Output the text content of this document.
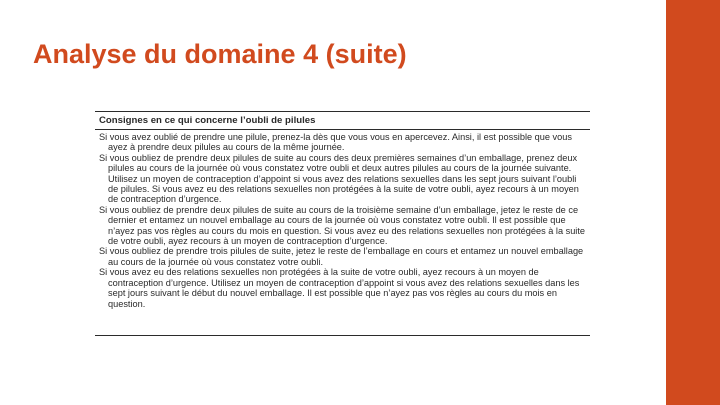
Analyse du domaine 4 (suite)
Consignes en ce qui concerne l’oubli de pilules

Si vous avez oublié de prendre une pilule, prenez-la dès que vous vous en apercevez. Ainsi, il est possible que vous ayez à prendre deux pilules au cours de la même journée.

Si vous oubliez de prendre deux pilules de suite au cours des deux premières semaines d’un emballage, prenez deux pilules au cours de la journée où vous constatez votre oubli et deux autres pilules au cours de la journée suivante. Utilisez un moyen de contraception d’appoint si vous avez des relations sexuelles dans les sept jours suivant l’oubli de pilules. Si vous avez eu des relations sexuelles non protégées à la suite de votre oubli, ayez recours à un moyen de contraception d’urgence.

Si vous oubliez de prendre deux pilules de suite au cours de la troisième semaine d’un emballage, jetez le reste de ce dernier et entamez un nouvel emballage au cours de la journée où vous constatez votre oubli. Il est possible que n’ayez pas vos règles au cours du mois en question. Si vous avez eu des relations sexuelles non protégées à la suite de votre oubli, ayez recours à un moyen de contraception d’urgence.

Si vous oubliez de prendre trois pilules de suite, jetez le reste de l’emballage en cours et entamez un nouvel emballage au cours de la journée où vous constatez votre oubli.

Si vous avez eu des relations sexuelles non protégées à la suite de votre oubli, ayez recours à un moyen de contraception d’urgence. Utilisez un moyen de contraception d’appoint si vous avez des relations sexuelles dans les sept jours suivant le début du nouvel emballage. Il est possible que n’ayez pas vos règles au cours du mois en question.
